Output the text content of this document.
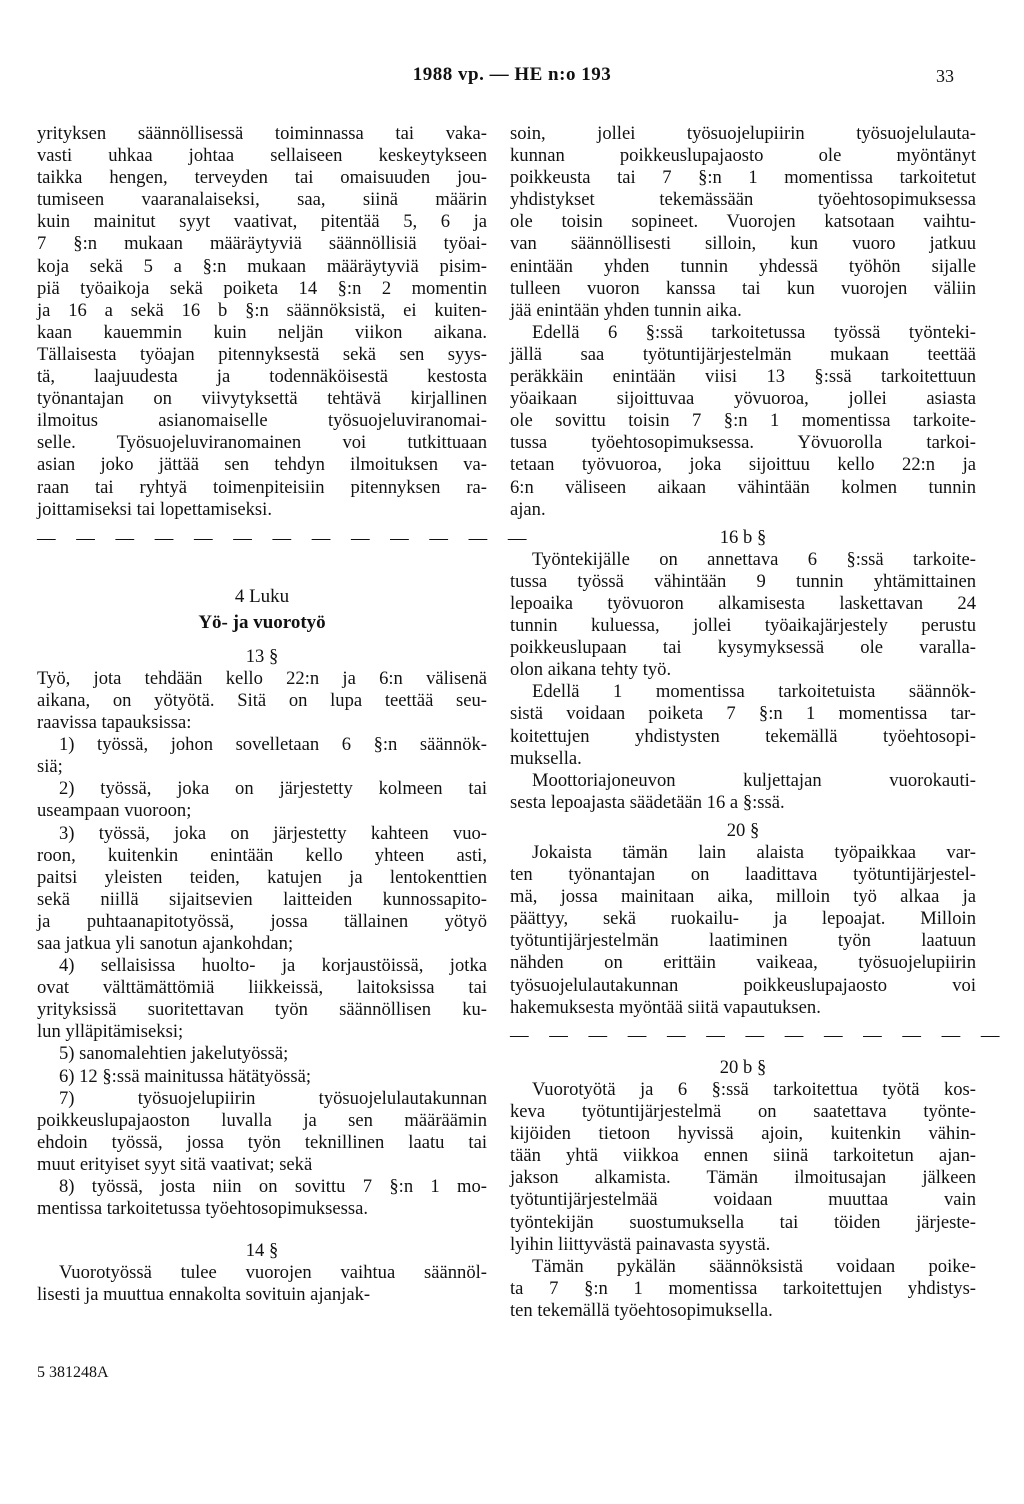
1988 vp. — HE n:o 193	33
yrityksen säännöllisessä toiminnassa tai vaka-
vasti uhkaa johtaa sellaiseen keskeytykseen
taikka hengen, terveyden tai omaisuuden jou-
tumiseen vaaranalaiseksi, saa, siinä määrin
kuin mainitut syyt vaativat, pitentää 5, 6 ja
7 §:n mukaan määräytyviä säännöllisiä työai-
koja sekä 5 a §:n mukaan määräytyviä pisim-
piä työaikoja sekä poiketa 14 §:n 2 momentin
ja 16 a sekä 16 b §:n säännöksistä, ei kuiten-
kaan kauemmin kuin neljän viikon aikana.
Tällaisesta työajan pitennyksestä sekä sen syys-
tä, laajuudesta ja todennäköisestä kestosta
työnantajan on viivytyksettä tehtävä kirjallinen
ilmoitus asianomaiselle työsuojeluviranomai-
selle. Työsuojeluviranomainen voi tutkittuaan
asian joko jättää sen tehdyn ilmoituksen va-
raan tai ryhtyä toimenpiteisiin pitennyksen ra-
joittamiseksi tai lopettamiseksi.
— — — — — — — — — — — — —
4 Luku
Yö- ja vuorotyö
13 §
Työ, jota tehdään kello 22:n ja 6:n välisenä
aikana, on yötyötä. Sitä on lupa teettää seu-
raavissa tapauksissa:
1) työssä, johon sovelletaan 6 §:n säännök-
siä;
2) työssä, joka on järjestetty kolmeen tai
useampaan vuoroon;
3) työssä, joka on järjestetty kahteen vuo-
roon, kuitenkin enintään kello yhteen asti,
paitsi yleisten teiden, katujen ja lentokenttien
sekä niillä sijaitsevien laitteiden kunnossapito-
ja puhtaanapitotyössä, jossa tällainen yötyö
saa jatkua yli sanotun ajankohdan;
4) sellaisissa huolto- ja korjaustöissä, jotka
ovat välttämättömiä liikkeissä, laitoksissa tai
yrityksissä suoritettavan työn säännöllisen ku-
lun ylläpitämiseksi;
5) sanomalehtien jakelutyössä;
6) 12 §:ssä mainitussa hätätyössä;
7) työsuojelupiirin työsuojelulautakunnan
poikkeuslupajaoston luvalla ja sen määräämin
ehdoin työssä, jossa työn teknillinen laatu tai
muut erityiset syyt sitä vaativat; sekä
8) työssä, josta niin on sovittu 7 §:n 1 mo-
mentissa tarkoitetussa työehtosopimuksessa.
14 §
Vuorotyössä tulee vuorojen vaihtua säännöl-
lisesti ja muuttua ennakolta sovituin ajanjak-
soin, jollei työsuojelupiirin työsuojelulauta-
kunnan poikkeuslupajaosto ole myöntänyt
poikkeusta tai 7 §:n 1 momentissa tarkoitetut
yhdistykset tekemässään työehtosopimuksessa
ole toisin sopineet. Vuorojen katsotaan vaihtu-
van säännöllisesti silloin, kun vuoro jatkuu
enintään yhden tunnin yhdessä työhön sijalle
tulleen vuoron kanssa tai kun vuorojen väliin
jää enintään yhden tunnin aika.
Edellä 6 §:ssä tarkoitetussa työssä työnteki-
jällä saa työtuntijärjestelmän mukaan teettää
peräkkäin enintään viisi 13 §:ssä tarkoitettuun
yöaikaan sijoittuvaa yövuoroa, jollei asiasta
ole sovittu toisin 7 §:n 1 momentissa tarkoite-
tussa työehtosopimuksessa. Yövuorolla tarkoi-
tetaan työvuoroa, joka sijoittuu kello 22:n ja
6:n väliseen aikaan vähintään kolmen tunnin
ajan.
16 b §
Työntekijälle on annettava 6 §:ssä tarkoite-
tussa työssä vähintään 9 tunnin yhtämittainen
lepoaika työvuoron alkamisesta laskettavan 24
tunnin kuluessa, jollei työaikajärjestely perustu
poikkeuslupaan tai kysymyksessä ole varalla-
olon aikana tehty työ.
Edellä 1 momentissa tarkoitetuista säännök-
sistä voidaan poiketa 7 §:n 1 momentissa tar-
koitettujen yhdistysten tekemällä työehtosopi-
muksella.
Moottoriajoneuvon kuljettajan vuorokauti-
sesta lepoajasta säädetään 16 a §:ssä.
20 §
Jokaista tämän lain alaista työpaikkaa var-
ten työnantajan on laadittava työtuntijärjestel-
mä, jossa mainitaan aika, milloin työ alkaa ja
päättyy, sekä ruokailu- ja lepoajat. Milloin
työtuntijärjestelmän laatiminen työn laatuun
nähden on erittäin vaikeaa, työsuojelupiirin
työsuojelulautakunnan poikkeuslupajaosto voi
hakemuksesta myöntää siitä vapautuksen.
— — — — — — — — — — — — —
20 b §
Vuorotyötä ja 6 §:ssä tarkoitettua työtä kos-
keva työtuntijärjestelmä on saatettava työnte-
kijöiden tietoon hyvissä ajoin, kuitenkin vähin-
tään yhtä viikkoa ennen siinä tarkoitetun ajan-
jakson alkamista. Tämän ilmoitusajan jälkeen
työtuntijärjestelmää voidaan muuttaa vain
työntekijän suostumuksella tai töiden järjeste-
lyihin liittyvästä painavasta syystä.
Tämän pykälän säännöksistä voidaan poike-
ta 7 §:n 1 momentissa tarkoitettujen yhdistys-
ten tekemällä työehtosopimuksella.
5 381248A
